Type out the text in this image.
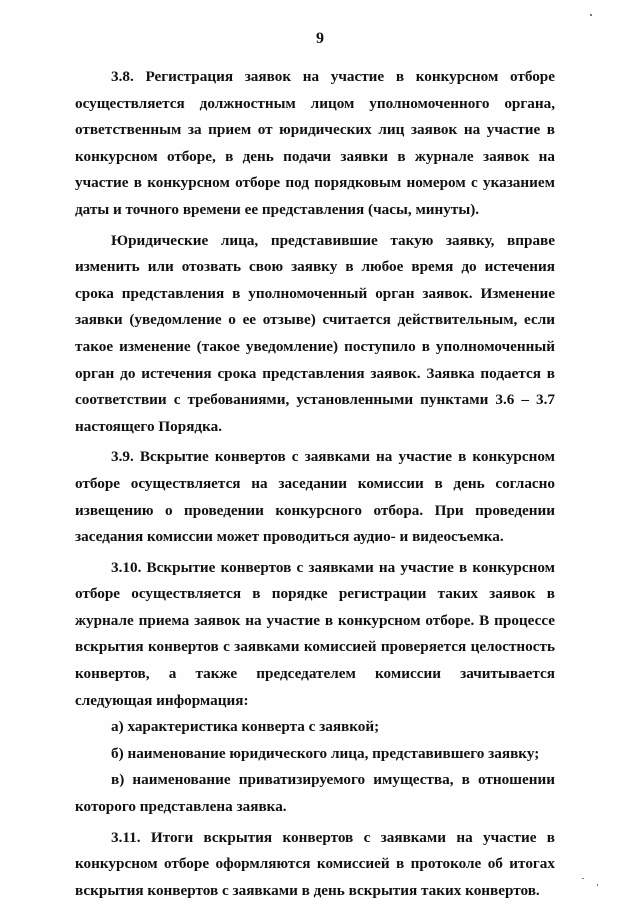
9

3.8. Регистрация заявок на участие в конкурсном отборе осуществляется должностным лицом уполномоченного органа, ответственным за прием от юридических лиц заявок на участие в конкурсном отборе, в день подачи заявки в журнале заявок на участие в конкурсном отборе под порядковым номером с указанием даты и точного времени ее представления (часы, минуты).

Юридические лица, представившие такую заявку, вправе изменить или отозвать свою заявку в любое время до истечения срока представления в уполномоченный орган заявок. Изменение заявки (уведомление о ее отзыве) считается действительным, если такое изменение (такое уведомление) поступило в уполномоченный орган до истечения срока представления заявок. Заявка подается в соответствии с требованиями, установленными пунктами 3.6 – 3.7 настоящего Порядка.

3.9. Вскрытие конвертов с заявками на участие в конкурсном отборе осуществляется на заседании комиссии в день согласно извещению о проведении конкурсного отбора. При проведении заседания комиссии может проводиться аудио- и видеосъемка.

3.10. Вскрытие конвертов с заявками на участие в конкурсном отборе осуществляется в порядке регистрации таких заявок в журнале приема заявок на участие в конкурсном отборе. В процессе вскрытия конвертов с заявками комиссией проверяется целостность конвертов, а также председателем комиссии зачитывается следующая информация:

а) характеристика конверта с заявкой;

б) наименование юридического лица, представившего заявку;

в) наименование приватизируемого имущества, в отношении которого представлена заявка.

3.11. Итоги вскрытия конвертов с заявками на участие в конкурсном отборе оформляются комиссией в протоколе об итогах вскрытия конвертов с заявками в день вскрытия таких конвертов.
